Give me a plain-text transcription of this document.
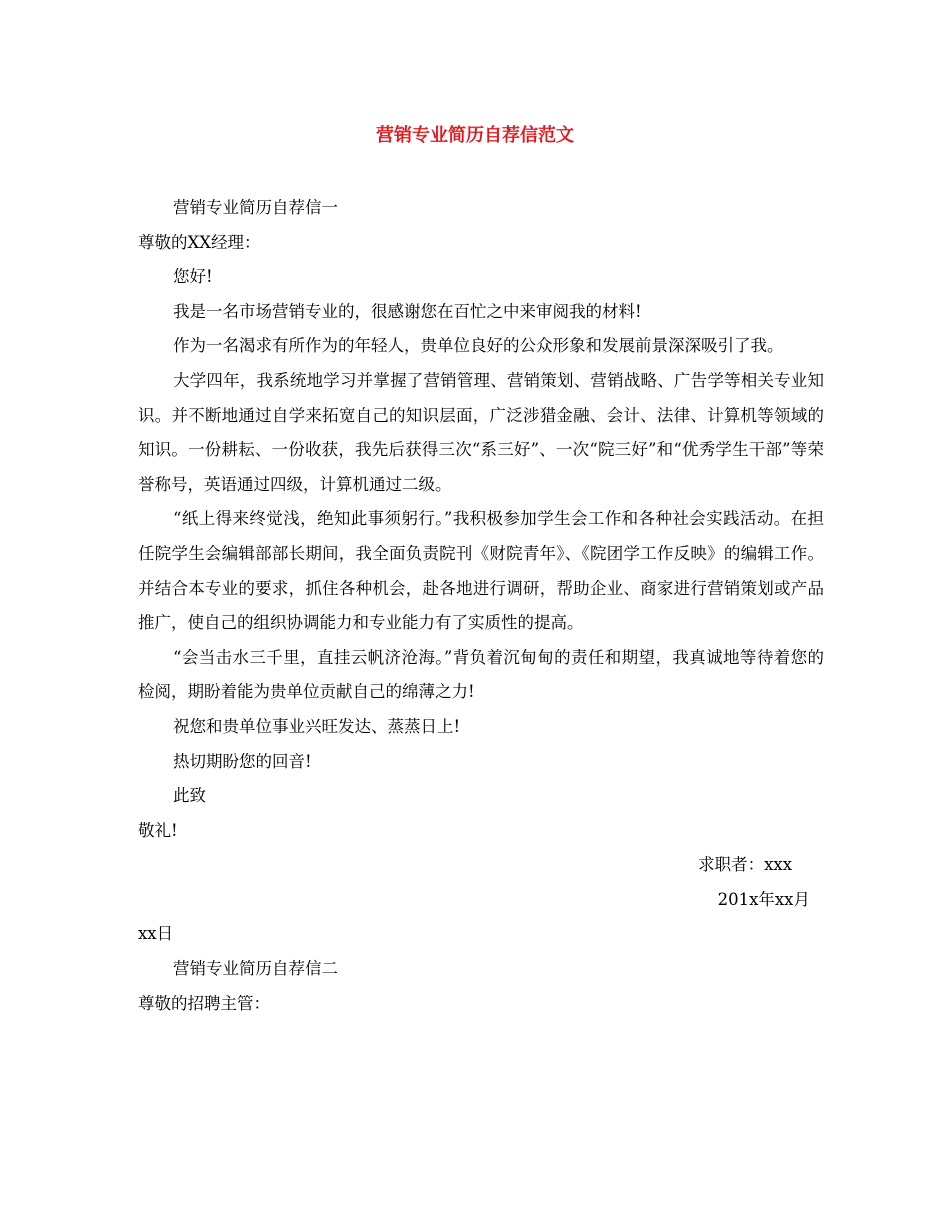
营销专业简历自荐信范文

营销专业简历自荐信一

尊敬的XX经理：

您好!

我是一名市场营销专业的，很感谢您在百忙之中来审阅我的材料!

作为一名渴求有所作为的年轻人，贵单位良好的公众形象和发展前景深深吸引了我。

大学四年，我系统地学习并掌握了营销管理、营销策划、营销战略、广告学等相关专业知识。并不断地通过自学来拓宽自己的知识层面，广泛涉猎金融、会计、法律、计算机等领域的知识。一份耕耘、一份收获，我先后获得三次“系三好”、一次“院三好”和“优秀学生干部”等荣誉称号，英语通过四级，计算机通过二级。

“纸上得来终觉浅，绝知此事须躬行。”我积极参加学生会工作和各种社会实践活动。在担任院学生会编辑部部长期间，我全面负责院刊《财院青年》、《院团学工作反映》的编辑工作。并结合本专业的要求，抓住各种机会，赴各地进行调研，帮助企业、商家进行营销策划或产品推广，使自己的组织协调能力和专业能力有了实质性的提高。

“会当击水三千里，直挂云帆济沧海。”背负着沉甸甸的责任和期望，我真诚地等待着您的检阅，期盼着能为贵单位贡献自己的绵薄之力!

祝您和贵单位事业兴旺发达、蒸蒸日上!

热切期盼您的回音!

此致

敬礼!

求职者：xxx

201x年xx月

xx日

营销专业简历自荐信二

尊敬的招聘主管：
